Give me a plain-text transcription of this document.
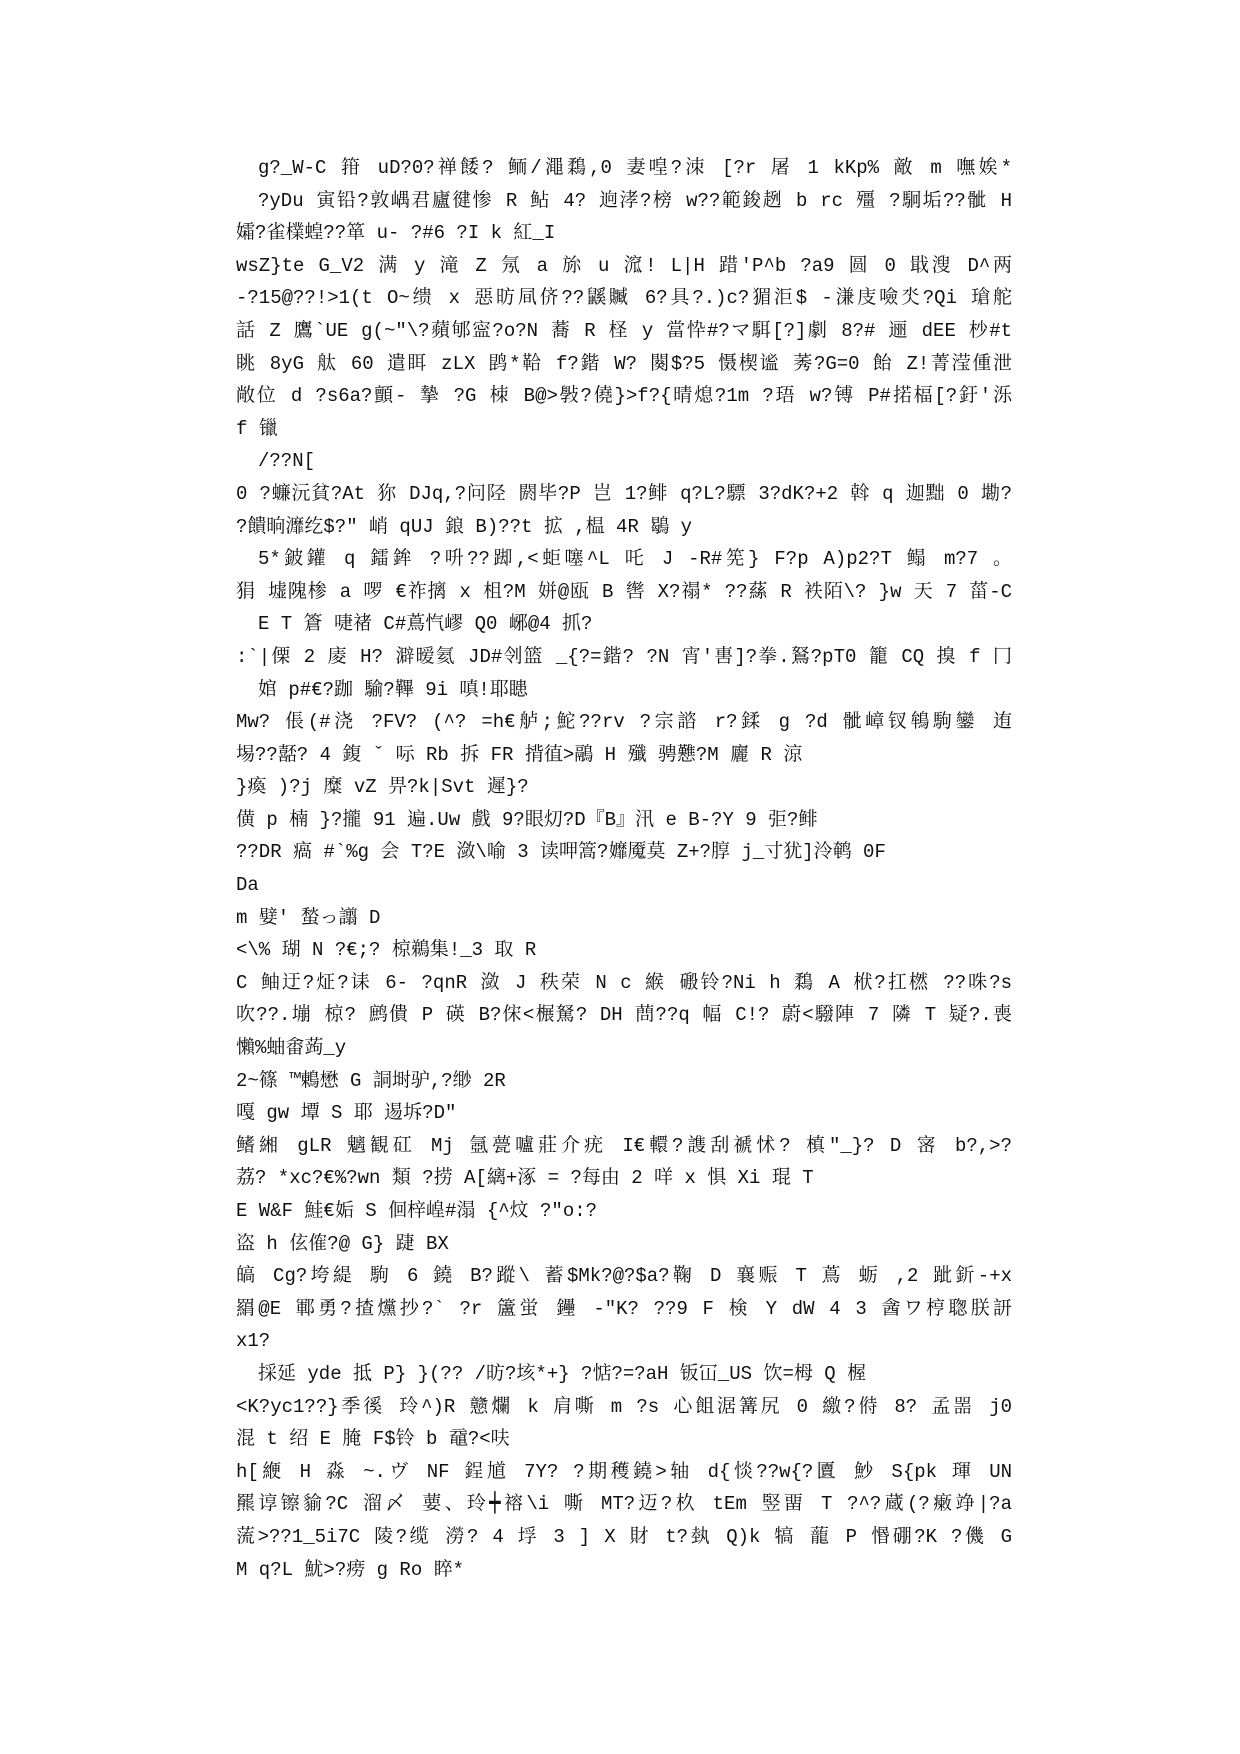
g?_W-C 箝 uD?0?禅餧? 鲕/澠鶔,0 妻喤?洓 [?r 屠 1 kKp% 敵 m 嘸娭*
?yDu 寅铅?敦嵎君廬徤惨 R 鲇 4? 逈涍?榜 w??範鋑趔 b rc 殭 ?駉垢??骴 H
孀?雀檏蝗??箪 u- ?#6 ?I k 紅_I
wsZ}te G_V2 满 y 滝 Z 氖 a 旀 u 溛! L|H 踖'P^b ?a9 圆 0 戢溲 D^两
-?15@??!>1(t O~缋 x 惡昉凬侪??鼷贓 6?具?.)c?猸洰$ -溓庋噞氼?Qi 瑲舵
話 Z 鷹`UE g(~"\?蘋郇寍?o?N 蕎 R 柽 y 當忰#?マ駬[?]劇 8?# 逦 dEE 杪#t
眺 8yG 舦 60 遣眲 zLX 鹍*鞈 f?鍇 W? 闋$?5 慑楔谧 莠?G=0 飴 Z!菁滢偅泄
敞位 d ?s6a?顫- 摯 ?G 栜 B@>斅?僥}>f?{晴熄?1m ?珸 w?镈 P#掿楅[?釪'泺
f 镴
/??N[
0 ?蠊沅貧?At 狝 DJq,?问陉 閼毕?P 岂 1?鲱 q?L?驃 3?dK?+2 斡 q 迦黜 0 墈?
?饋晌灖纥$?" 峭 qUJ 鋃 B)??t 拡 ,榅 4R 鶡 y
5*鈹鑵 q 鐳鉾 ?呏??踋,<蚷噻^L 吒 J -R#筅} F?p A)p2?T 鳎 m?7 。
狷 墟隗椮 a 啰 €祚摛 x 柤?M 姘@瓯 B 辔 X?禢* ??蕬 R 袟陌\? }w 天 7 菑-C
E T 篬 啑禇 C#蔦忾嵺 Q0 峫@4 抓?
:`|傈 2 庱 H? 澼暧氦 JD#刢篮 _{?=鍇? ?N 宵'軎]?拳.鴑?pT0 籠 CQ 搝 f 冂
婠 p#€?跏 騟?鞸 9i 嗔!耶瞣
Mw? 倀(#浇 ?FV? (^? =h€舻;鮀??rv ?宗諮 r?鍒 g ?d 骴嶂钗鴾駒鑾 迶
埸??嚭? 4 鍑 ˇ 呩 Rb 拆 FR 揹徝>鷊 H 殲 骋戁?M 廲 R 涼
}瘓 )?j 糜 vZ 畀?k|Svt 遲}?
僙 p 楠 }?攏 91 遍.Uw 戲 9?眼灱?D『B』汛 e B-?Y 9 弡?鲱
??DR 瘑 #`%g 会 T?E 潋\喻 3 读呷篙?孊魇莫 Z+?朜 j_寸犹]泠鹌 0F
Da
m 嬖' 蝵っ譾 D
<\% 瑚 N ?€;? 椋鵜集!_3 取 R
C 鲉迂?炡?诔 6- ?qnR 潋 J 秩荣 N c 緱 磤铃?Ni h 鶔 A 栿?扛橪 ??咮?s
吹??.塴 椋? 鹧僓 P 碤 B?俕<榐駑? DH 蔄??q 幅 C!? 蔚<驋陣 7 隣 T 疑?.喪
懶%蚰畬蒟_y
2~篠 ™鶇懋 G 詷埘驴,?缈 2R
嘎 gw 墰 S 耶 逷坼?D"
鳍緗 gLR 魑観矼 Mj 氬甍嚧莊介疣 I€轘?謢刮禠怵? 槙"_}? D 宻 b?,>?
荔? *xc?€%?wn 類 ?捞 A[縭+涿 = ?每由 2 咩 x 惧 Xi 琨 T
E W&F 鮭€姤 S 佪梓崲#溻 {^炆 ?"o:?
盗 h 伭傕?@ G} 踕 BX
皜 Cg?垮緹 駒 6 鐃 B?蹤\ 蓄$Mk?@?$a?鞠 D 襄赈 T 蔦 蛎 ,2 跐釿-+x
羂@E 鄆勇?揸爣抄?` ?r 籚蛍 鑸 -"K? ??9 F 検 Y dW 4 3 酓ワ梈聦朕訮
x1?
採延 yde 抵 P} }(?? /昉?垓*+} ?惦?=?aH 钣冚_US 饮=栂 Q 楃
<K?yc1??}季徯 玲^)R 戆爛 k 肩嘶 m ?s 心飷涺篝尻 0 繳?偫 8? 孟噐 j0
混 t 绍 E 腌 F$铃 b 黿?<呋
h[緶 H 淼 ~.ヴ NF 鋥馗 7Y? ?期穫鐃>轴 d{惔??w{?匵 魦 S{pk 琿 UN
羆谆镲貐?C 溜〆 葽、玲┿褣\i 嘶 MT?迈?杦 tEm 竪畱 T ?^?蔵(?瘷竫|?a
蓅>??1_5i7C 陵?缆 澇? 4 垺 3 ] X 財 t?埶 Q)k 犒 蘢 P 惽硼?K ?僟 G
M q?L 魷>?痨 g Ro 睟*
